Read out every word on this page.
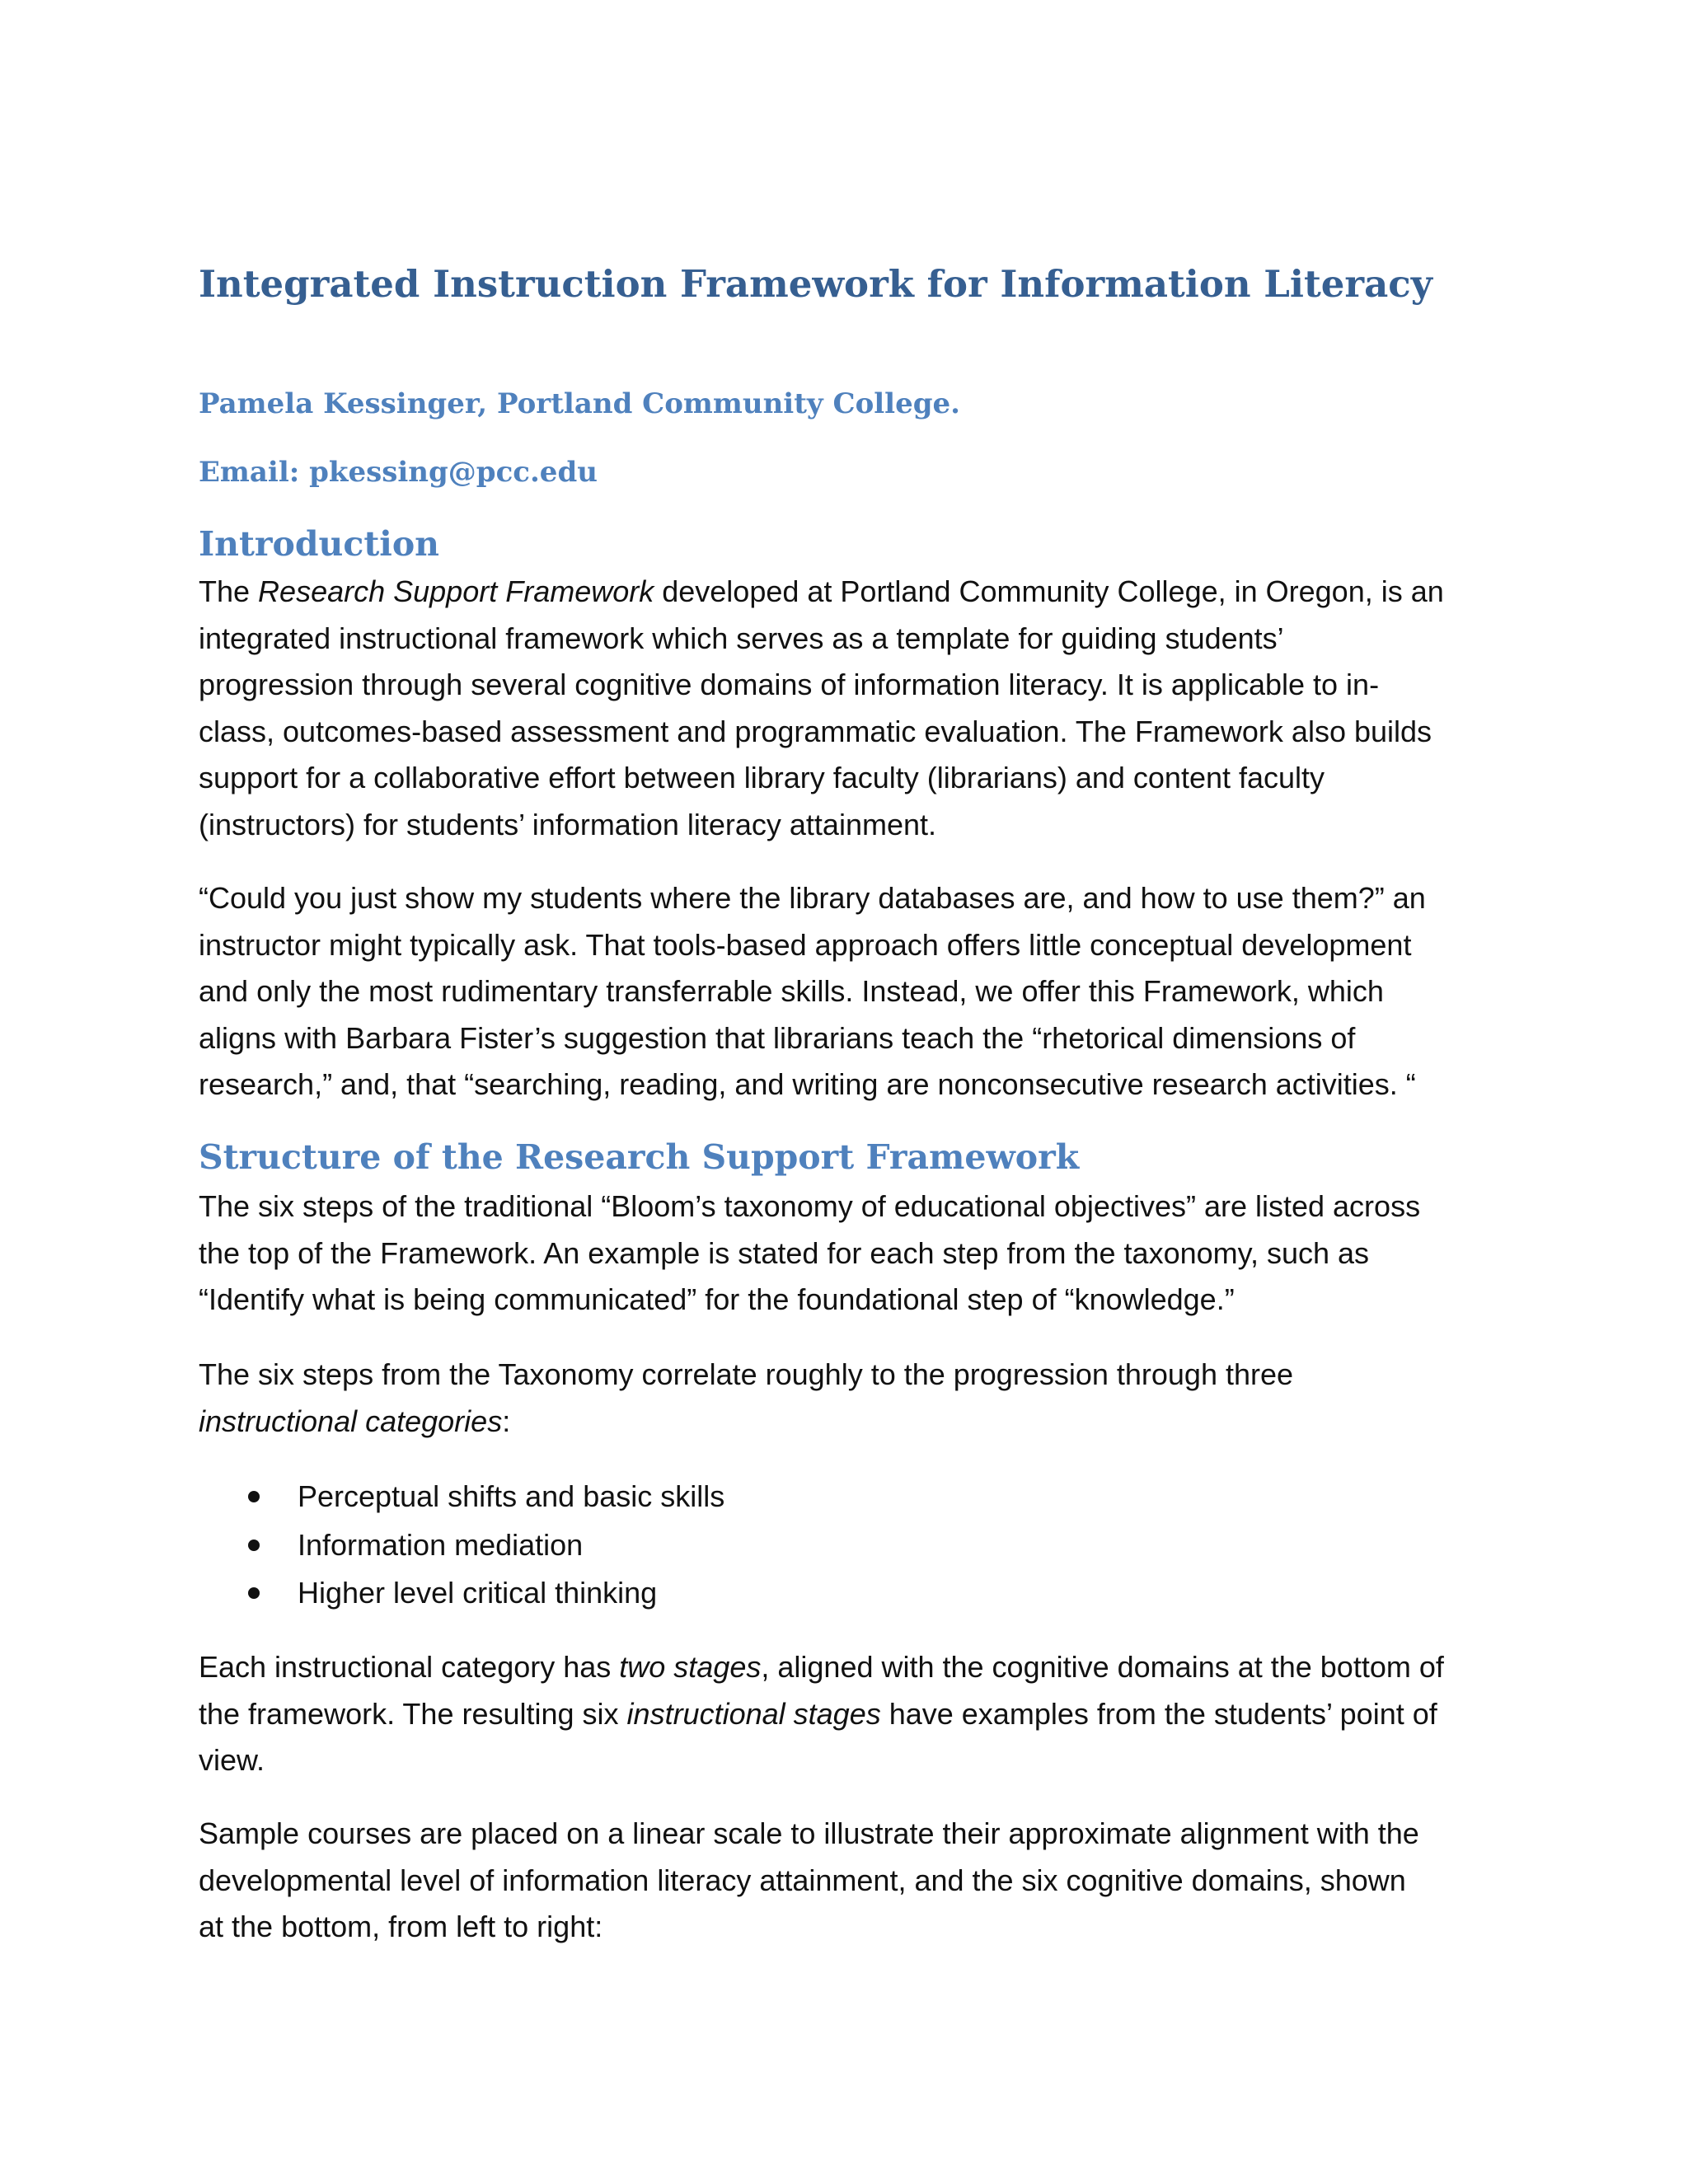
Integrated Instruction Framework for Information Literacy

Pamela Kessinger, Portland Community College.

Email: pkessing@pcc.edu

Introduction
The Research Support Framework developed at Portland Community College, in Oregon, is an
integrated instructional framework which serves as a template for guiding students’
progression through several cognitive domains of information literacy. It is applicable to in-
class, outcomes-based assessment and programmatic evaluation. The Framework also builds
support for a collaborative effort between library faculty (librarians) and content faculty
(instructors) for students’ information literacy attainment.
“Could you just show my students where the library databases are, and how to use them?” an
instructor might typically ask. That tools-based approach offers little conceptual development
and only the most rudimentary transferrable skills. Instead, we offer this Framework, which
aligns with Barbara Fister’s suggestion that librarians teach the “rhetorical dimensions of
research,” and, that “searching, reading, and writing are nonconsecutive research activities. “
Structure of the Research Support Framework
The six steps of the traditional “Bloom’s taxonomy of educational objectives” are listed across
the top of the Framework. An example is stated for each step from the taxonomy, such as
“Identify what is being communicated” for the foundational step of “knowledge.”
The six steps from the Taxonomy correlate roughly to the progression through three
instructional categories:
Perceptual shifts and basic skills
Information mediation
Higher level critical thinking
Each instructional category has two stages, aligned with the cognitive domains at the bottom of
the framework. The resulting six instructional stages have examples from the students’ point of
view.
Sample courses are placed on a linear scale to illustrate their approximate alignment with the
developmental level of information literacy attainment, and the six cognitive domains, shown
at the bottom, from left to right:
